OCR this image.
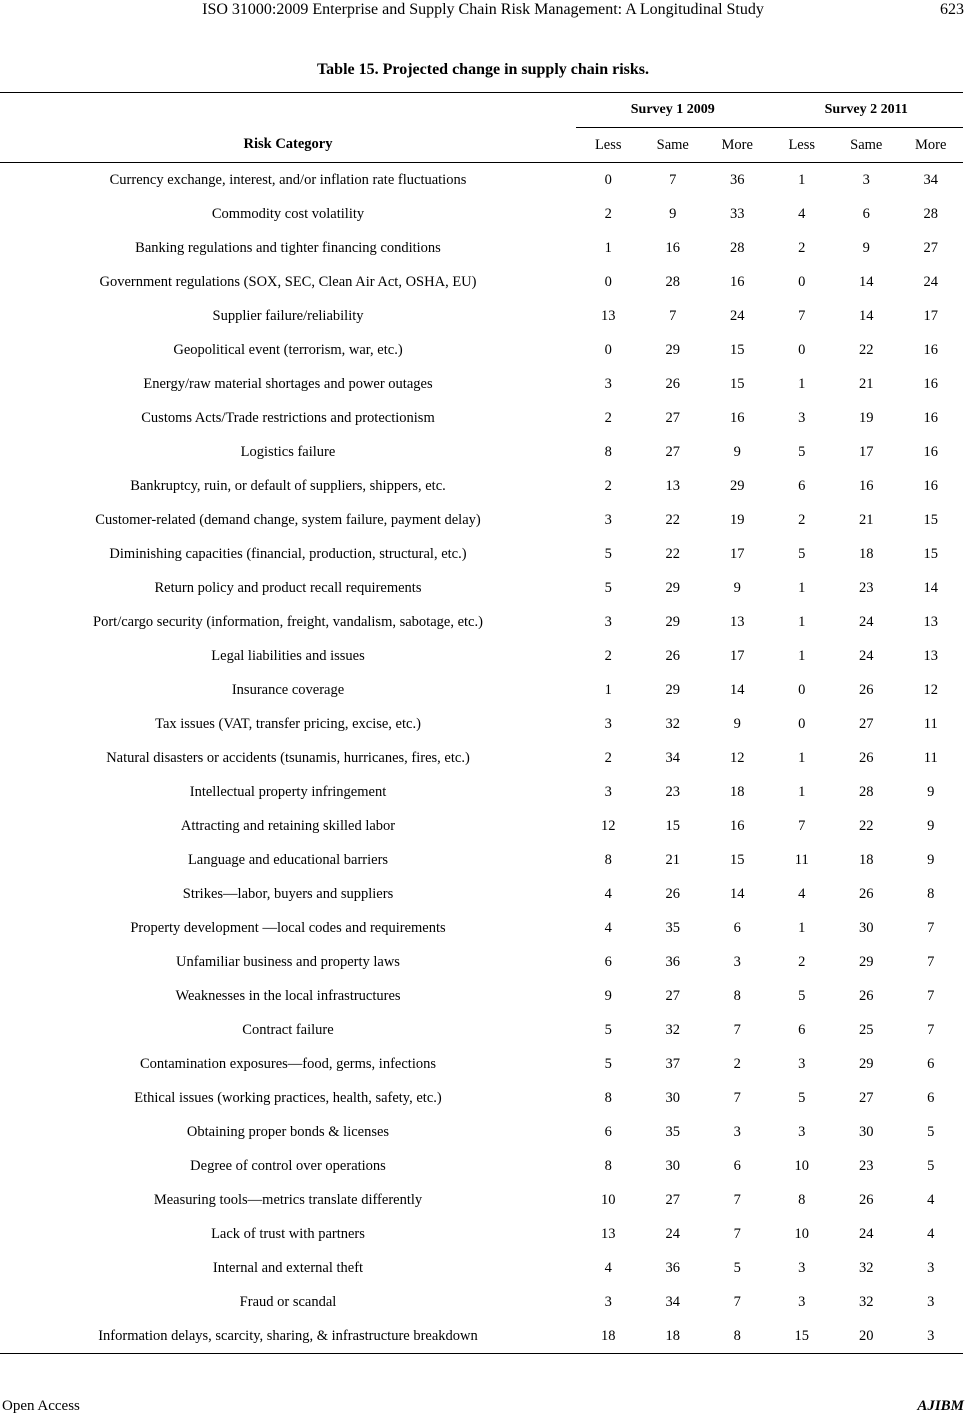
ISO 31000:2009 Enterprise and Supply Chain Risk Management: A Longitudinal Study	623
Table 15. Projected change in supply chain risks.
	Survey 1 2009			Survey 2 2011		
Risk Category	Less	Same	More	Less	Same	More
Currency exchange, interest, and/or inflation rate fluctuations	0	7	36	1	3	34
Commodity cost volatility	2	9	33	4	6	28
Banking regulations and tighter financing conditions	1	16	28	2	9	27
Government regulations (SOX, SEC, Clean Air Act, OSHA, EU)	0	28	16	0	14	24
Supplier failure/reliability	13	7	24	7	14	17
Geopolitical event (terrorism, war, etc.)	0	29	15	0	22	16
Energy/raw material shortages and power outages	3	26	15	1	21	16
Customs Acts/Trade restrictions and protectionism	2	27	16	3	19	16
Logistics failure	8	27	9	5	17	16
Bankruptcy, ruin, or default of suppliers, shippers, etc.	2	13	29	6	16	16
Customer-related (demand change, system failure, payment delay)	3	22	19	2	21	15
Diminishing capacities (financial, production, structural, etc.)	5	22	17	5	18	15
Return policy and product recall requirements	5	29	9	1	23	14
Port/cargo security (information, freight, vandalism, sabotage, etc.)	3	29	13	1	24	13
Legal liabilities and issues	2	26	17	1	24	13
Insurance coverage	1	29	14	0	26	12
Tax issues (VAT, transfer pricing, excise, etc.)	3	32	9	0	27	11
Natural disasters or accidents (tsunamis, hurricanes, fires, etc.)	2	34	12	1	26	11
Intellectual property infringement	3	23	18	1	28	9
Attracting and retaining skilled labor	12	15	16	7	22	9
Language and educational barriers	8	21	15	11	18	9
Strikes—labor, buyers and suppliers	4	26	14	4	26	8
Property development —local codes and requirements	4	35	6	1	30	7
Unfamiliar business and property laws	6	36	3	2	29	7
Weaknesses in the local infrastructures	9	27	8	5	26	7
Contract failure	5	32	7	6	25	7
Contamination exposures—food, germs, infections	5	37	2	3	29	6
Ethical issues (working practices, health, safety, etc.)	8	30	7	5	27	6
Obtaining proper bonds & licenses	6	35	3	3	30	5
Degree of control over operations	8	30	6	10	23	5
Measuring tools—metrics translate differently	10	27	7	8	26	4
Lack of trust with partners	13	24	7	10	24	4
Internal and external theft	4	36	5	3	32	3
Fraud or scandal	3	34	7	3	32	3
Information delays, scarcity, sharing, & infrastructure breakdown	18	18	8	15	20	3
Open Access	AJIBM
